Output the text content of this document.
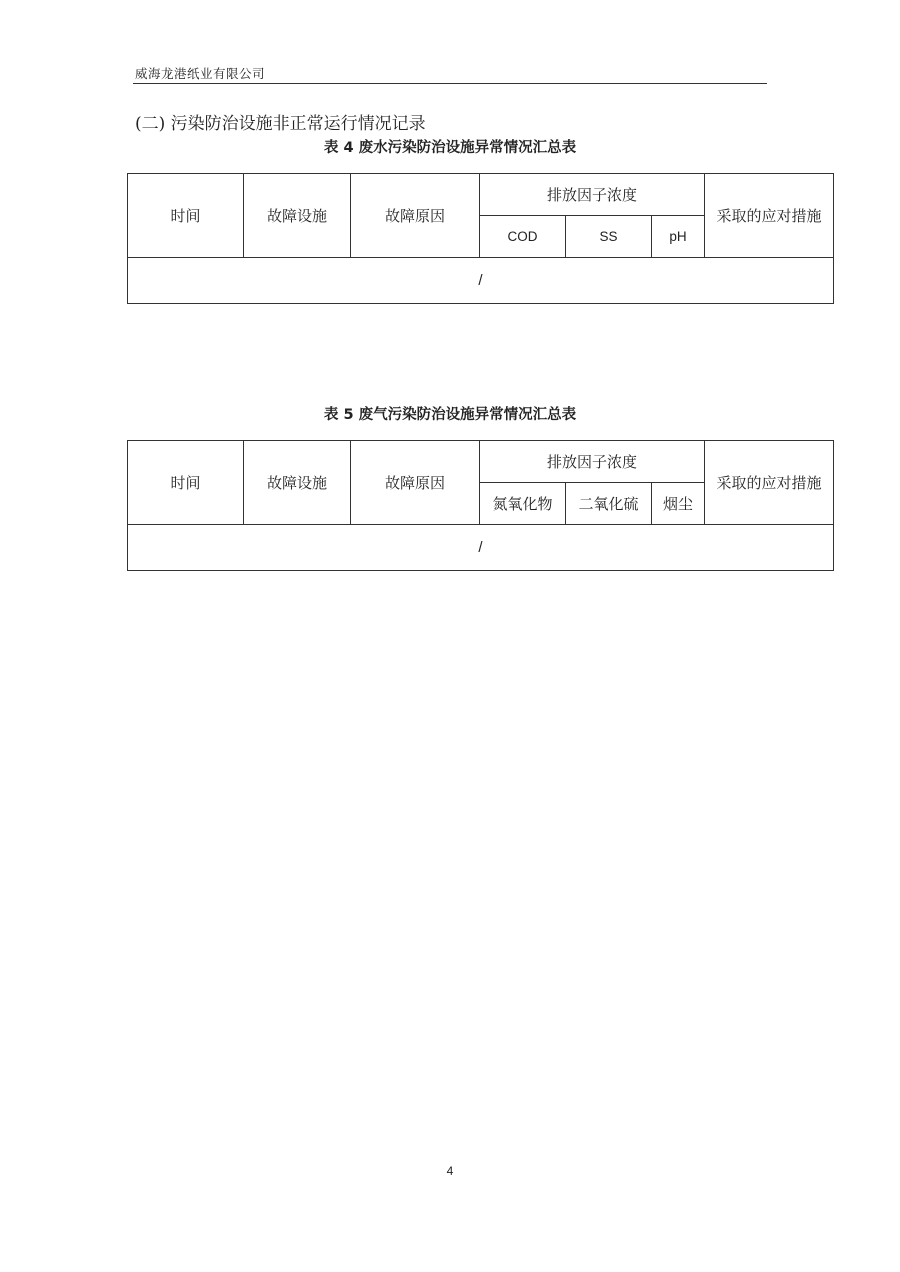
威海龙港纸业有限公司
(二) 污染防治设施非正常运行情况记录
表 4 废水污染防治设施异常情况汇总表
时间	故障设施	故障原因	排放因子浓度			采取的应对措施
			COD	SS	pH	
/						
表 5 废气污染防治设施异常情况汇总表
时间	故障设施	故障原因	排放因子浓度			采取的应对措施
			氮氧化物	二氧化硫	烟尘	
/						
4
